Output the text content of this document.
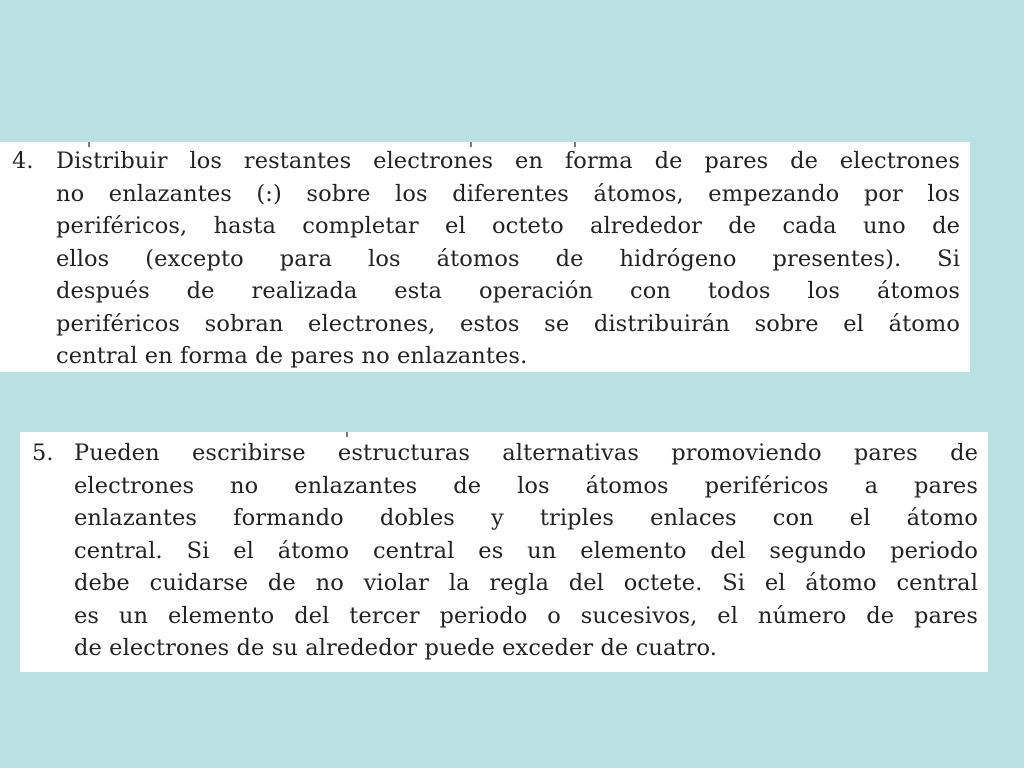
4. Distribuir los restantes electrones en forma de pares de electrones
no enlazantes (:) sobre los diferentes átomos, empezando por los
periféricos, hasta completar el octeto alrededor de cada uno de
ellos (excepto para los átomos de hidrógeno presentes). Si
después de realizada esta operación con todos los átomos
periféricos sobran electrones, estos se distribuirán sobre el átomo
central en forma de pares no enlazantes.
5. Pueden escribirse estructuras alternativas promoviendo pares de
electrones no enlazantes de los átomos periféricos a pares
enlazantes formando dobles y triples enlaces con el átomo
central. Si el átomo central es un elemento del segundo periodo
debe cuidarse de no violar la regla del octete. Si el átomo central
es un elemento del tercer periodo o sucesivos, el número de pares
de electrones de su alrededor puede exceder de cuatro.
